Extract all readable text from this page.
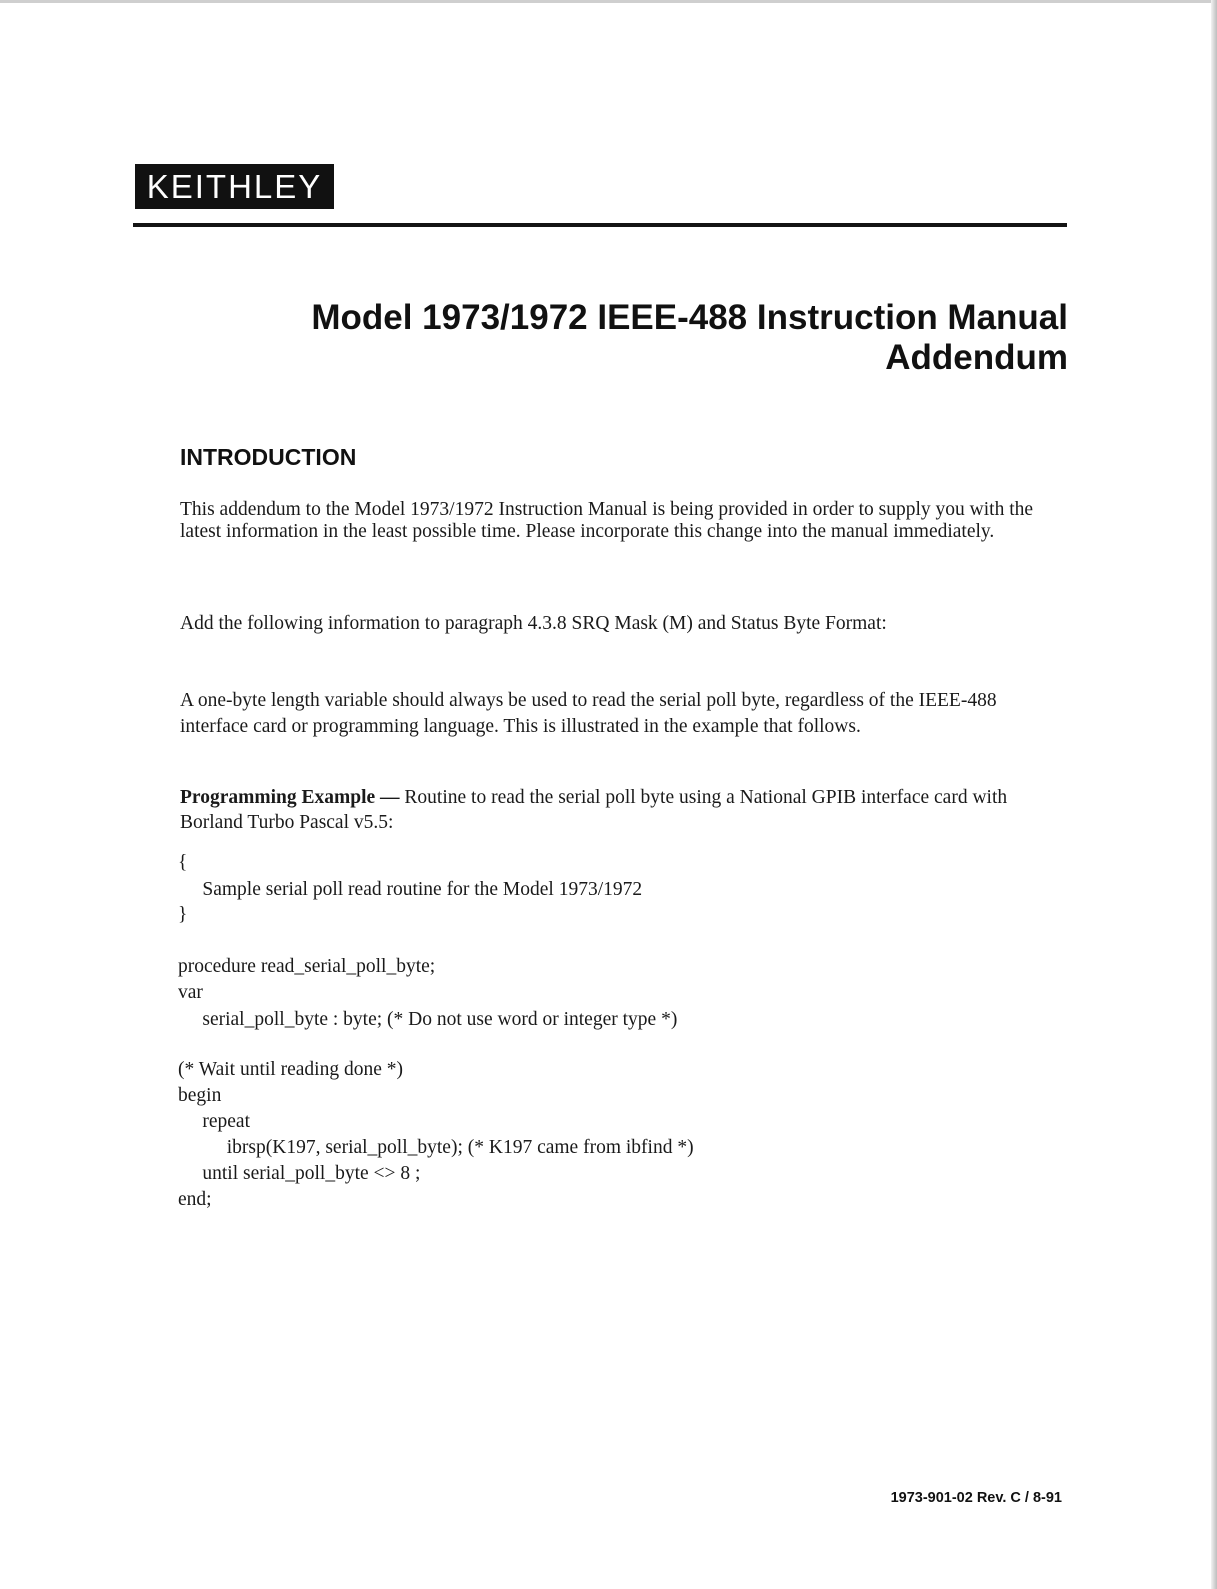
KEITHLEY
Model 1973/1972 IEEE-488 Instruction Manual
Addendum
INTRODUCTION
This addendum to the Model 1973/1972 Instruction Manual is being provided in order to supply you with the latest information in the least possible time. Please incorporate this change into the manual immediately.
Add the following information to paragraph 4.3.8 SRQ Mask (M) and Status Byte Format:
A one-byte length variable should always be used to read the serial poll byte, regardless of the IEEE-488 interface card or programming language. This is illustrated in the example that follows.
Programming Example — Routine to read the serial poll byte using a National GPIB interface card with Borland Turbo Pascal v5.5:
{
Sample serial poll read routine for the Model 1973/1972
}
procedure read_serial_poll_byte;
var
serial_poll_byte : byte; (* Do not use word or integer type *)
(* Wait until reading done *)
begin
repeat
ibrsp(K197, serial_poll_byte); (* K197 came from ibfind *)
until serial_poll_byte <> 8 ;
end;
1973-901-02 Rev. C / 8-91
